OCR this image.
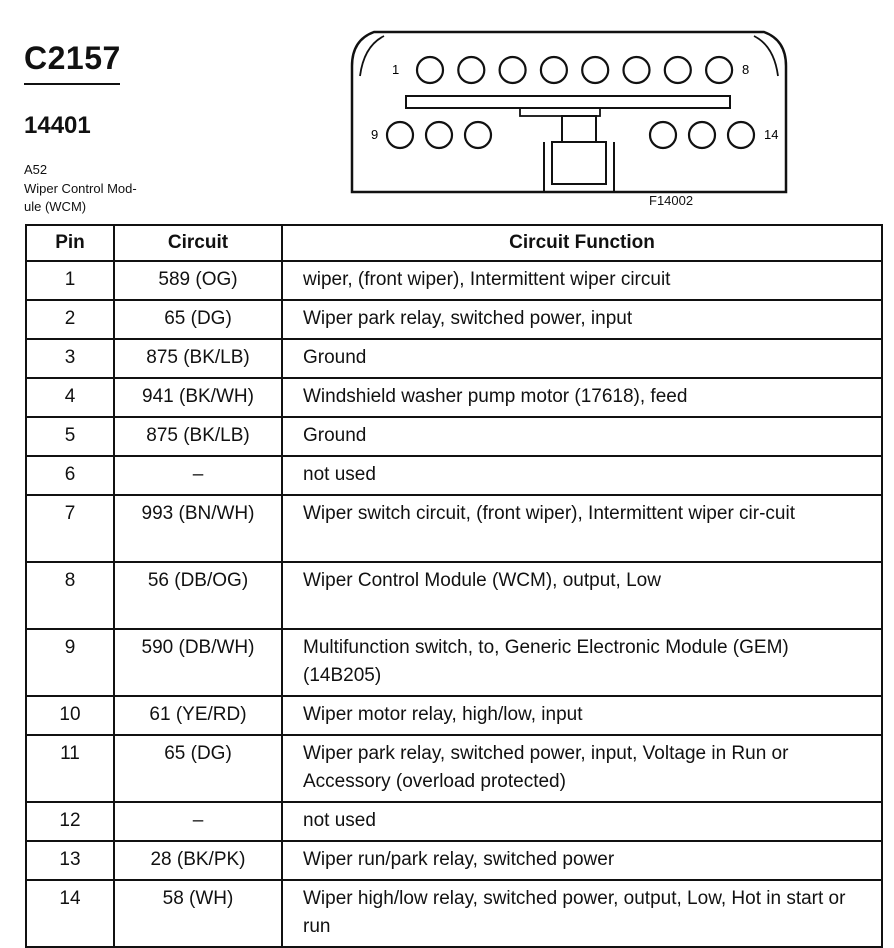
C2157
14401
A52
Wiper Control Mod-
ule (WCM)
1	8
9	14
F14002
Pin	Circuit	Circuit Function
1	589 (OG)	wiper, (front wiper), Intermittent wiper circuit
2	65 (DG)	Wiper park relay, switched power, input
3	875 (BK/LB)	Ground
4	941 (BK/WH)	Windshield washer pump motor (17618), feed
5	875 (BK/LB)	Ground
6	–	not used
7	993 (BN/WH)	Wiper switch circuit, (front wiper), Intermittent wiper cir-cuit
8	56 (DB/OG)	Wiper Control Module (WCM), output, Low
9	590 (DB/WH)	Multifunction switch, to, Generic Electronic Module (GEM) (14B205)
10	61 (YE/RD)	Wiper motor relay, high/low, input
11	65 (DG)	Wiper park relay, switched power, input, Voltage in Run or Accessory (overload protected)
12	–	not used
13	28 (BK/PK)	Wiper run/park relay, switched power
14	58 (WH)	Wiper high/low relay, switched power, output, Low, Hot in start or run
